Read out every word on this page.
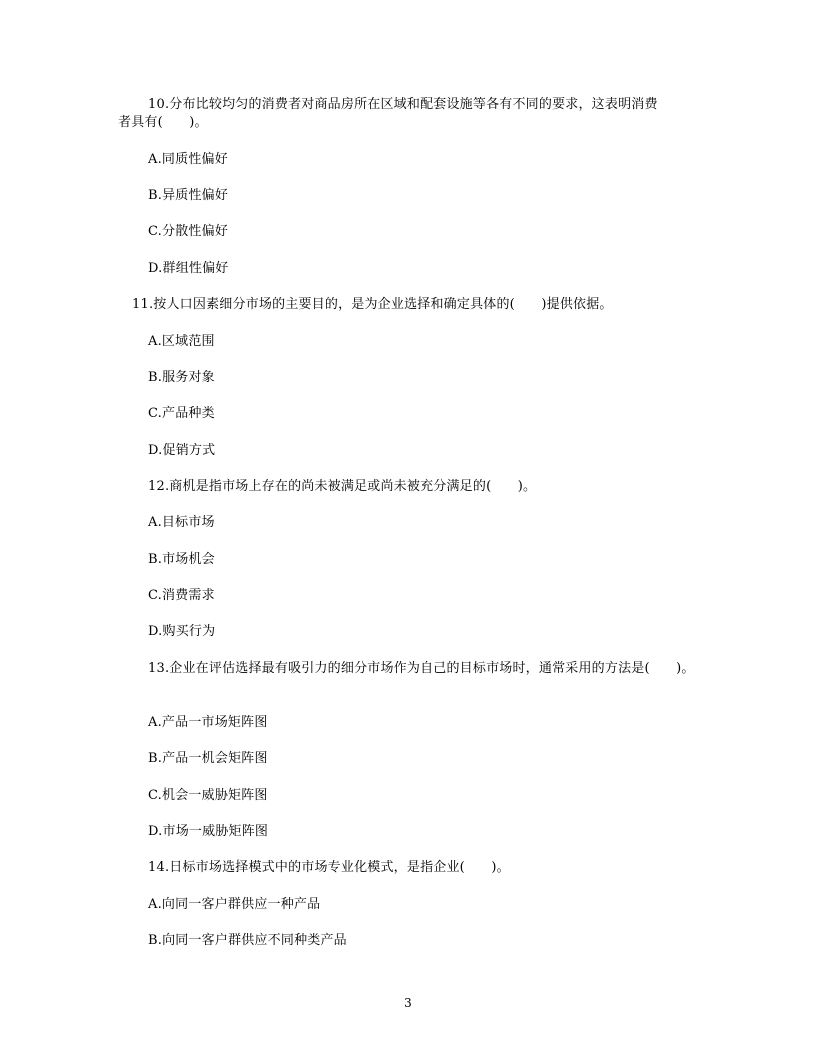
10.分布比较均匀的消费者对商品房所在区域和配套设施等各有不同的要求，这表明消费
者具有(　　)。
A.同质性偏好
B.异质性偏好
C.分散性偏好
D.群组性偏好
11.按人口因素细分市场的主要目的，是为企业选择和确定具体的(　　)提供依据。
A.区域范围
B.服务对象
C.产品种类
D.促销方式
12.商机是指市场上存在的尚未被满足或尚未被充分满足的(　　)。
A.目标市场
B.市场机会
C.消费需求
D.购买行为
13.企业在评估选择最有吸引力的细分市场作为自己的目标市场时，通常采用的方法是(　　)。
A.产品一市场矩阵图
B.产品一机会矩阵图
C.机会一威胁矩阵图
D.市场一威胁矩阵图
14.日标市场选择模式中的市场专业化模式，是指企业(　　)。
A.向同一客户群供应一种产品
B.向同一客户群供应不同种类产品
3
